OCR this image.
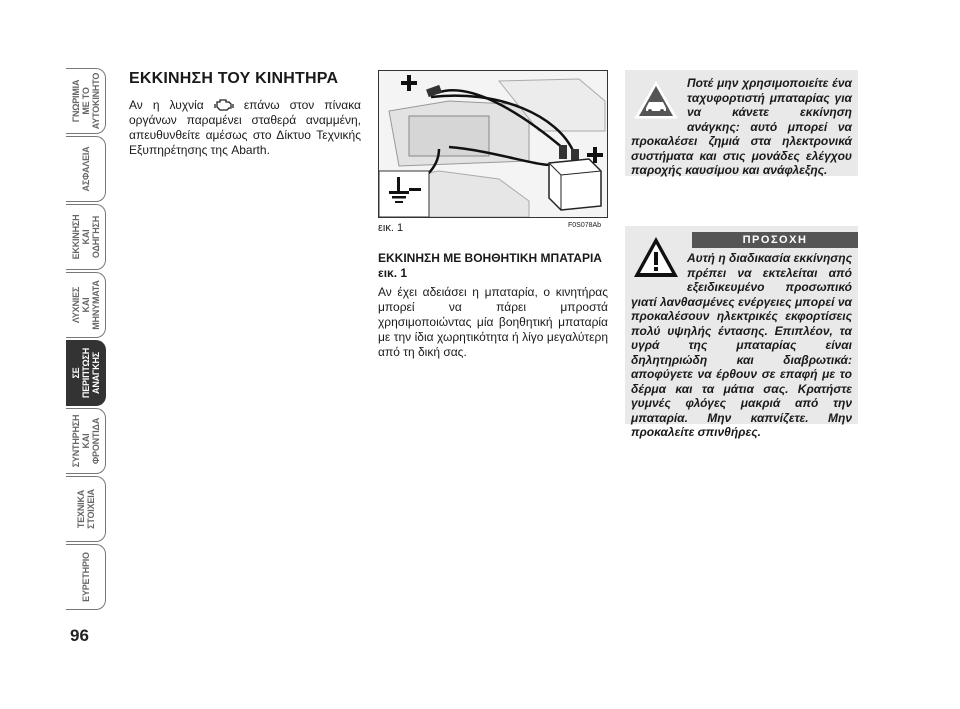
ΓΝΩΡΙΜΙΑ
ΜΕ ΤΟ
ΑΥΤΟΚΙΝΗΤΟ
ΑΣΦΑΛΕΙΑ
ΕΚΚΙΝΗΣΗ
ΚΑΙ
ΟΔΗΓΗΣΗ
ΛΥΧΝΙΕΣ
ΚΑΙ
ΜΗΝΥΜΑΤΑ
ΣΕ
ΠΕΡΙΠΤΩΣΗ
ΑΝΑΓΚΗΣ
ΣΥΝΤΗΡΗΣΗ
ΚΑΙ
ΦΡΟΝΤΙΔΑ
ΤΕΧΝΙΚΑ
ΣΤΟΙΧΕΙΑ
ΕΥΡΕΤΗΡΙΟ
96
ΕΚΚΙΝΗΣΗ ΤΟΥ ΚΙΝΗΤΗΡΑ

Αν η λυχνία	επάνω στον πίνακα οργάνων παραμένει σταθερά αναμμένη, απευθυνθείτε αμέσως στο Δίκτυο Τεχνικής Εξυπηρέτησης της Abarth.

εικ. 1	F0S078Ab
ΕΚΚΙΝΗΣΗ ΜΕ ΒΟΗΘΗΤΙΚΗ ΜΠΑΤΑΡΙΑ εικ. 1

Αν έχει αδειάσει η μπαταρία, ο κινητήρας μπορεί να πάρει μπροστά χρησιμοποιώντας μία βοηθητική μπαταρία με την ίδια χωρητικότητα ή λίγο μεγαλύτερη από τη δική σας.

Ποτέ μην χρησιμοποιείτε ένα ταχυφορτιστή μπαταρίας για να κάνετε εκκίνηση ανάγκης: αυτό μπορεί να προκαλέσει ζημιά στα ηλεκτρονικά συστήματα και στις μονάδες ελέγχου παροχής καυσίμου και ανάφλεξης.

ΠΡΟΣΟΧΗ

Αυτή η διαδικασία εκκίνησης πρέπει να εκτελείται από εξειδικευμένο προσωπικό γιατί λανθασμένες ενέργειες μπορεί να προκαλέσουν ηλεκτρικές εκφορτίσεις πολύ υψηλής έντασης. Επιπλέον, τα υγρά της μπαταρίας είναι δηλητηριώδη και διαβρωτικά: αποφύγετε να έρθουν σε επαφή με το δέρμα και τα μάτια σας. Κρατήστε γυμνές φλόγες μακριά από την μπαταρία. Μην καπνίζετε. Μην προκαλείτε σπινθήρες.
